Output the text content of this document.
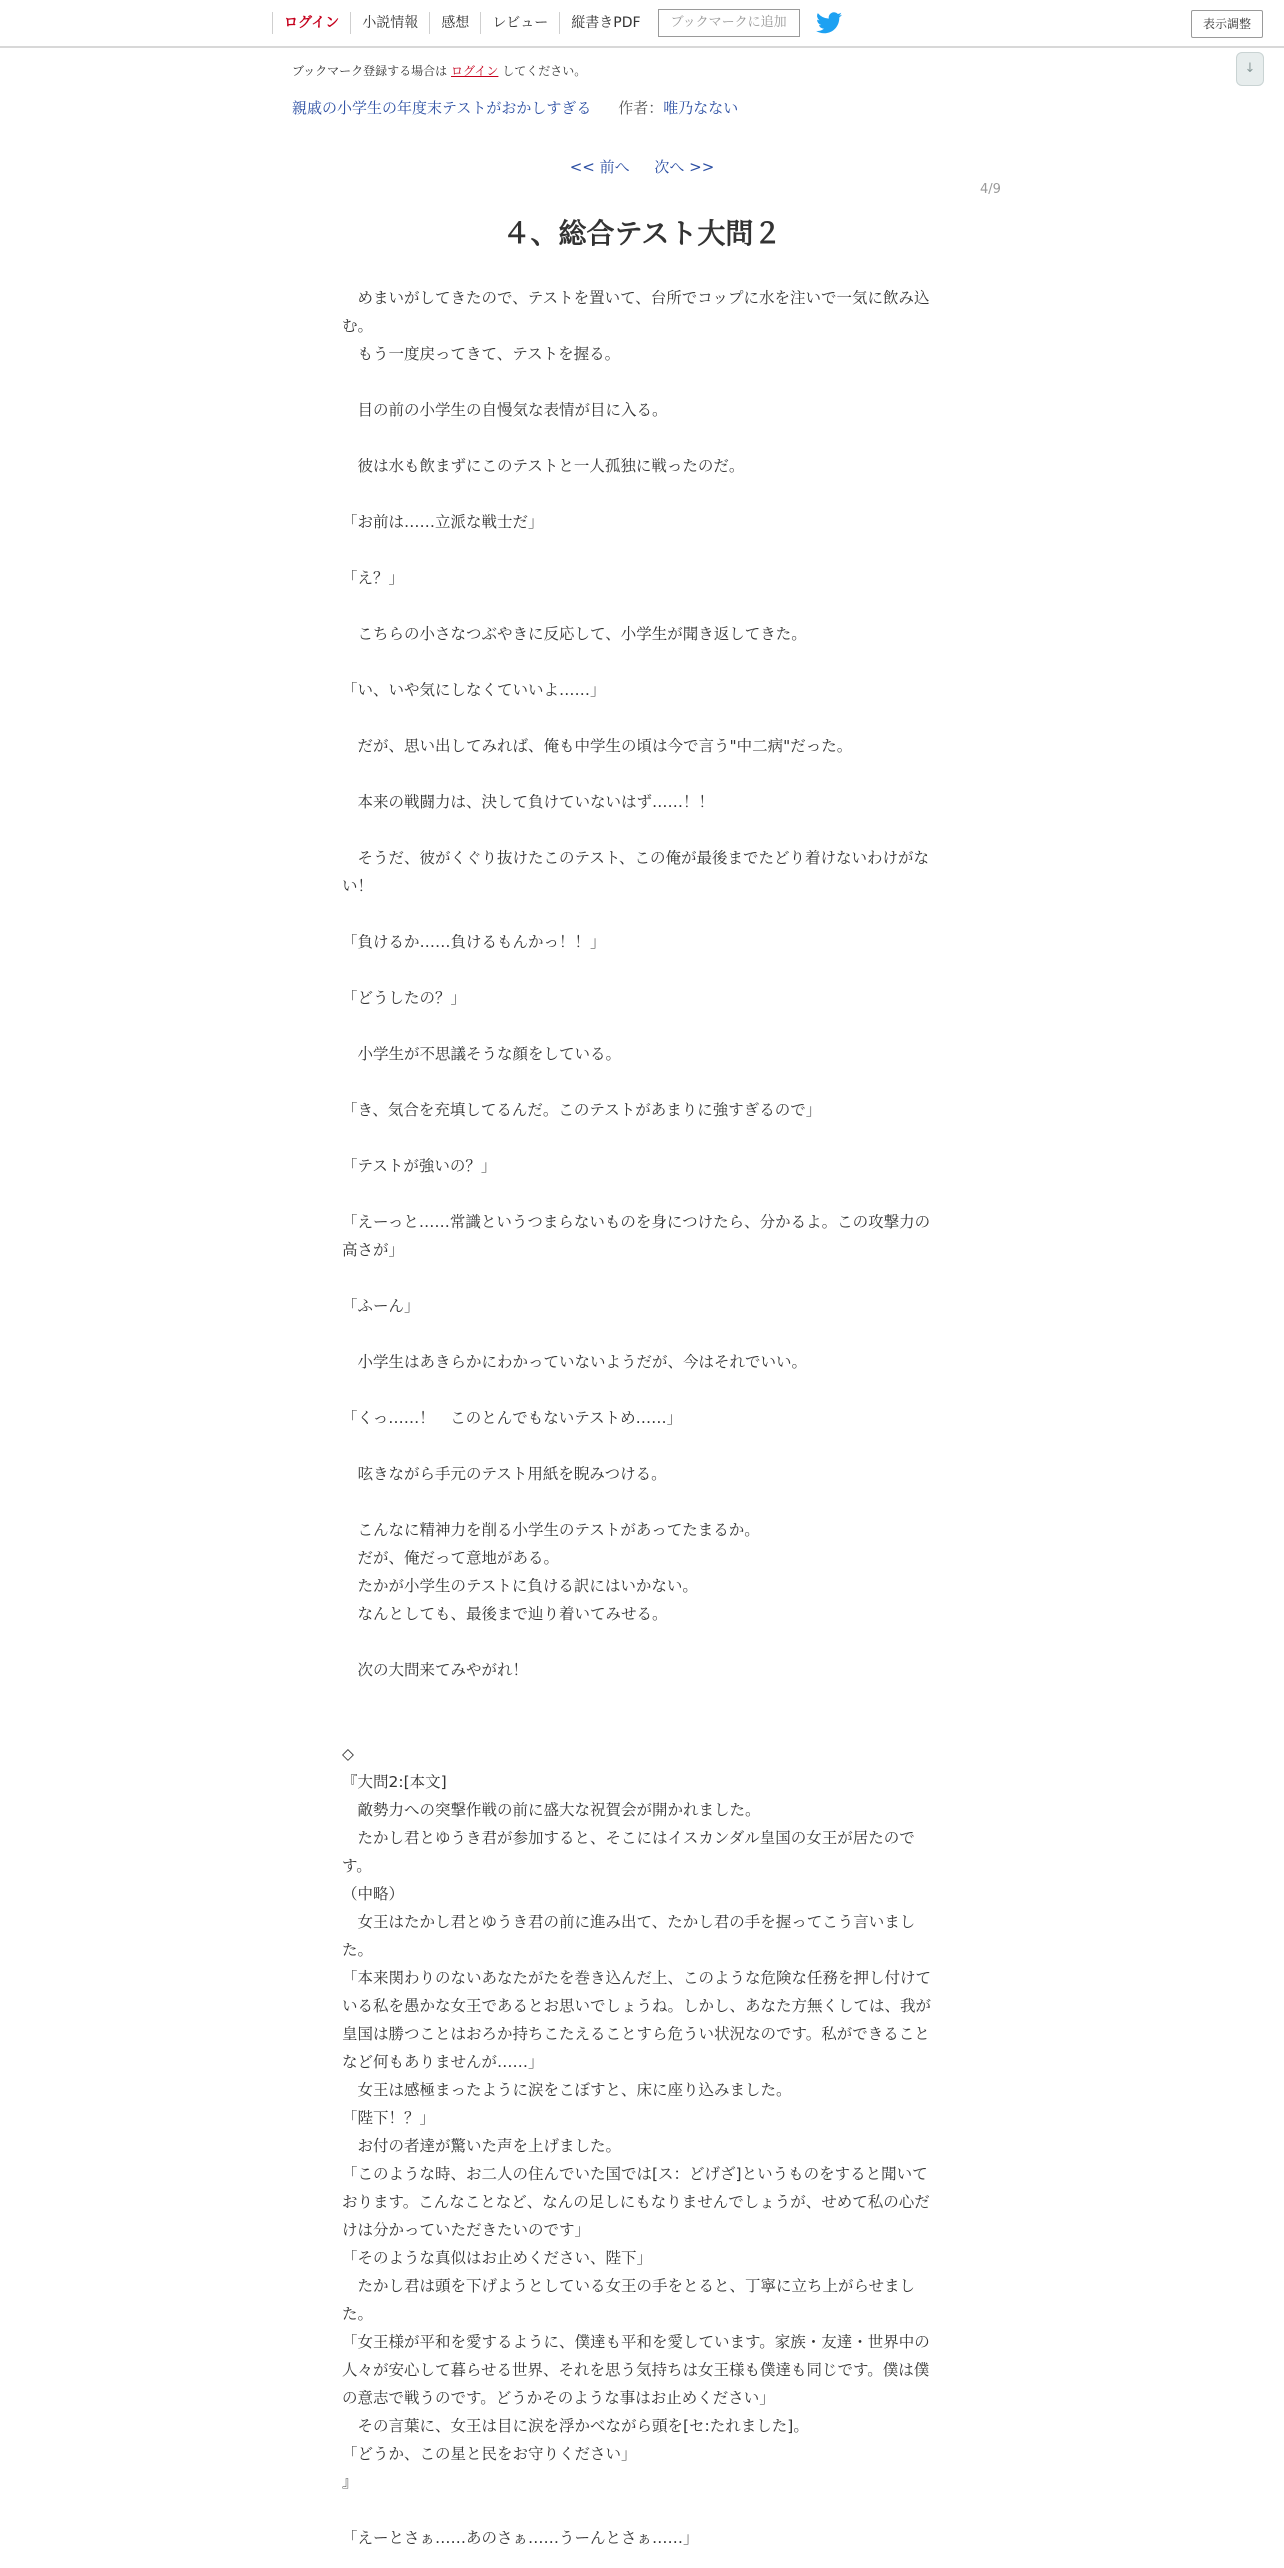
ログイン	小説情報	感想	レビュー	縦書きPDF	ブックマークに追加	表示調整
↓
ブックマーク登録する場合は ログイン してください。
親戚の小学生の年度末テストがおかしすぎる 作者：唯乃なない
<< 前へ 次へ >>
4/9
４、総合テスト大問２

　めまいがしてきたので、テストを置いて、台所でコップに水を注いで一気に飲み込む。

　もう一度戻ってきて、テストを握る。

　目の前の小学生の自慢気な表情が目に入る。

　彼は水も飲まずにこのテストと一人孤独に戦ったのだ。

「お前は……立派な戦士だ」

「え？」

　こちらの小さなつぶやきに反応して、小学生が聞き返してきた。

「い、いや気にしなくていいよ……」

　だが、思い出してみれば、俺も中学生の頃は今で言う"中二病"だった。

　本来の戦闘力は、決して負けていないはず……！！

　そうだ、彼がくぐり抜けたこのテスト、この俺が最後までたどり着けないわけがない！

「負けるか……負けるもんかっ！！」

「どうしたの？」

　小学生が不思議そうな顔をしている。

「き、気合を充填してるんだ。このテストがあまりに強すぎるので」

「テストが強いの？」

「えーっと……常識というつまらないものを身につけたら、分かるよ。この攻撃力の高さが」

「ふーん」

　小学生はあきらかにわかっていないようだが、今はそれでいい。

「くっ……！　このとんでもないテストめ……」

　呟きながら手元のテスト用紙を睨みつける。

　こんなに精神力を削る小学生のテストがあってたまるか。

　だが、俺だって意地がある。

　たかが小学生のテストに負ける訳にはいかない。

　なんとしても、最後まで辿り着いてみせる。

　次の大問来てみやがれ！

◇

『大問2:[本文]

　敵勢力への突撃作戦の前に盛大な祝賀会が開かれました。

　たかし君とゆうき君が参加すると、そこにはイスカンダル皇国の女王が居たのです。

（中略）

　女王はたかし君とゆうき君の前に進み出て、たかし君の手を握ってこう言いました。

「本来関わりのないあなたがたを巻き込んだ上、このような危険な任務を押し付けている私を愚かな女王であるとお思いでしょうね。しかし、あなた方無くしては、我が皇国は勝つことはおろか持ちこたえることすら危うい状況なのです。私ができることなど何もありませんが……」

　女王は感極まったように涙をこぼすと、床に座り込みました。

「陛下！？」

　お付の者達が驚いた声を上げました。

「このような時、お二人の住んでいた国では[ス：どげざ]というものをすると聞いております。こんなことなど、なんの足しにもなりませんでしょうが、せめて私の心だけは分かっていただきたいのです」

「そのような真似はお止めください、陛下」

　たかし君は頭を下げようとしている女王の手をとると、丁寧に立ち上がらせました。

「女王様が平和を愛するように、僕達も平和を愛しています。家族・友達・世界中の人々が安心して暮らせる世界、それを思う気持ちは女王様も僕達も同じです。僕は僕の意志で戦うのです。どうかそのような事はお止めください」

　その言葉に、女王は目に涙を浮かべながら頭を[セ:たれました]。

「どうか、この星と民をお守りください」

』

「えーとさぁ……あのさぁ……うーんとさぁ……」
